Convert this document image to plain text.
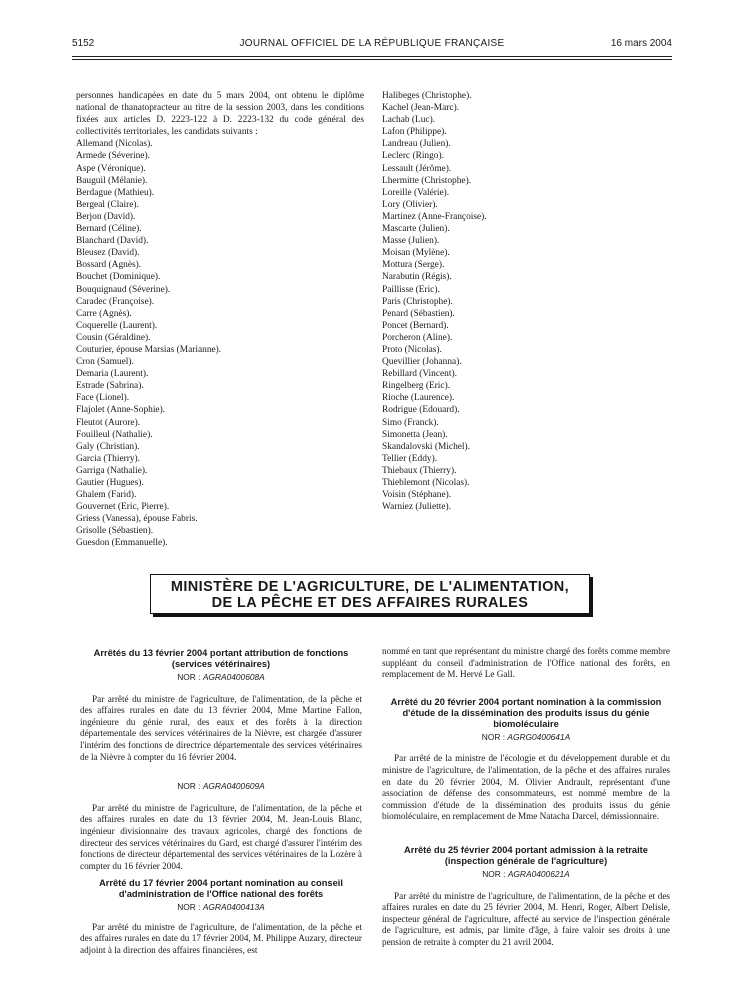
5152	JOURNAL OFFICIEL DE LA RÉPUBLIQUE FRANÇAISE	16 mars 2004

personnes handicapées en date du 5 mars 2004, ont obtenu le diplôme national de thanatopracteur au titre de la session 2003, dans les conditions fixées aux articles D. 2223-122 à D. 2223-132 du code général des collectivités territoriales, les candidats suivants :

Allemand (Nicolas).
Armede (Séverine).
Aspe (Véronique).
Bauguil (Mélanie).
Berdague (Mathieu).
Bergeal (Claire).
Berjon (David).
Bernard (Céline).
Blanchard (David).
Bleusez (David).
Bossard (Agnès).
Bouchet (Dominique).
Bouquignaud (Séverine).
Caradec (Françoise).
Carre (Agnès).
Coquerelle (Laurent).
Cousin (Géraldine).
Couturier, épouse Marsias (Marianne).
Cron (Samuel).
Demaria (Laurent).
Estrade (Sabrina).
Face (Lionel).
Flajolet (Anne-Sophie).
Fleutot (Aurore).
Fouilleul (Nathalie).
Galy (Christian).
Garcia (Thierry).
Garriga (Nathalie).
Gautier (Hugues).
Ghalem (Farid).
Gouvernet (Eric, Pierre).
Griess (Vanessa), épouse Fabris.
Grisolle (Sébastien).
Guesdon (Emmanuelle).
Halibeges (Christophe).
Kachel (Jean-Marc).
Lachab (Luc).
Lafon (Philippe).
Landreau (Julien).
Leclerc (Ringo).
Lessault (Jérôme).
Lhermitte (Christophe).
Loreille (Valérie).
Lory (Olivier).
Martinez (Anne-Françoise).
Mascarte (Julien).
Masse (Julien).
Moisan (Mylène).
Mottura (Serge).
Narabutin (Régis).
Paillisse (Eric).
Paris (Christophe).
Penard (Sébastien).
Poncet (Bernard).
Porcheron (Aline).
Proto (Nicolas).
Quevillier (Johanna).
Rebillard (Vincent).
Ringelberg (Eric).
Rioche (Laurence).
Rodrigue (Edouard).
Simo (Franck).
Simonetta (Jean).
Skandalovski (Michel).
Tellier (Eddy).
Thiebaux (Thierry).
Thieblemont (Nicolas).
Voisin (Stéphane).
Warniez (Juliette).
MINISTÈRE DE L'AGRICULTURE, DE L'ALIMENTATION,
DE LA PÊCHE ET DES AFFAIRES RURALES
Arrêtés du 13 février 2004 portant attribution de fonctions (services vétérinaires)
NOR : AGRA0400608A

Par arrêté du ministre de l'agriculture, de l'alimentation, de la pêche et des affaires rurales en date du 13 février 2004, Mme Martine Fallon, ingénieure du génie rural, des eaux et des forêts à la direction départementale des services vétérinaires de la Nièvre, est chargée d'assurer l'intérim des fonctions de directrice départementale des services vétérinaires de la Nièvre à compter du 16 février 2004.

NOR : AGRA0400609A

Par arrêté du ministre de l'agriculture, de l'alimentation, de la pêche et des affaires rurales en date du 13 février 2004, M. Jean-Louis Blanc, ingénieur divisionnaire des travaux agricoles, chargé des fonctions de directeur des services vétérinaires du Gard, est chargé d'assurer l'intérim des fonctions de directeur départemental des services vétérinaires de la Lozère à compter du 16 février 2004.

Arrêté du 17 février 2004 portant nomination au conseil d'administration de l'Office national des forêts
NOR : AGRA0400413A

Par arrêté du ministre de l'agriculture, de l'alimentation, de la pêche et des affaires rurales en date du 17 février 2004, M. Philippe Auzary, directeur adjoint à la direction des affaires financières, est

nommé en tant que représentant du ministre chargé des forêts comme membre suppléant du conseil d'administration de l'Office national des forêts, en remplacement de M. Hervé Le Gall.

Arrêté du 20 février 2004 portant nomination à la commission d'étude de la dissémination des produits issus du génie biomoléculaire
NOR : AGRG0400641A

Par arrêté de la ministre de l'écologie et du développement durable et du ministre de l'agriculture, de l'alimentation, de la pêche et des affaires rurales en date du 20 février 2004, M. Olivier Andrault, représentant d'une association de défense des consommateurs, est nommé membre de la commission d'étude de la dissémination des produits issus du génie biomoléculaire, en remplacement de Mme Natacha Darcel, démissionnaire.

Arrêté du 25 février 2004 portant admission à la retraite (inspection générale de l'agriculture)
NOR : AGRA0400621A

Par arrêté du ministre de l'agriculture, de l'alimentation, de la pêche et des affaires rurales en date du 25 février 2004, M. Henri, Roger, Albert Delisle, inspecteur général de l'agriculture, affecté au service de l'inspection générale de l'agriculture, est admis, par limite d'âge, à faire valoir ses droits à une pension de retraite à compter du 21 avril 2004.
